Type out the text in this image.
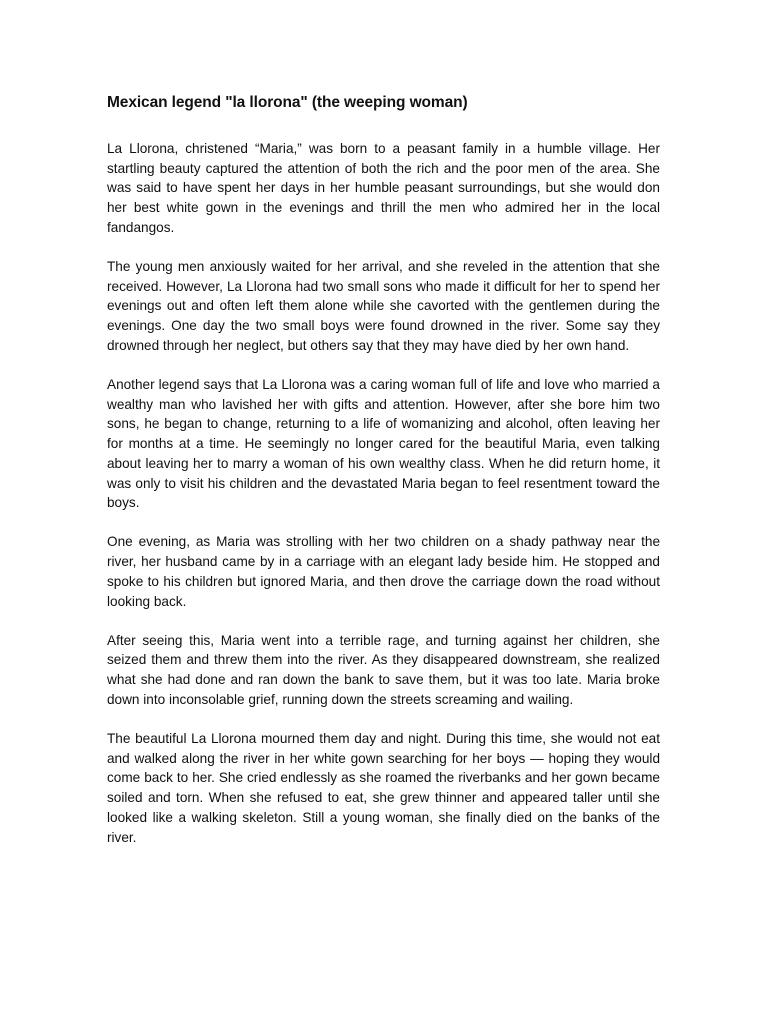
Mexican legend "la llorona" (the weeping woman)

La Llorona, christened “Maria,” was born to a peasant family in a humble village. Her startling beauty captured the attention of both the rich and the poor men of the area. She was said to have spent her days in her humble peasant surroundings, but she would don her best white gown in the evenings and thrill the men who admired her in the local fandangos.

The young men anxiously waited for her arrival, and she reveled in the attention that she received. However, La Llorona had two small sons who made it difficult for her to spend her evenings out and often left them alone while she cavorted with the gentlemen during the evenings. One day the two small boys were found drowned in the river. Some say they drowned through her neglect, but others say that they may have died by her own hand.

Another legend says that La Llorona was a caring woman full of life and love who married a wealthy man who lavished her with gifts and attention. However, after she bore him two sons, he began to change, returning to a life of womanizing and alcohol, often leaving her for months at a time. He seemingly no longer cared for the beautiful Maria, even talking about leaving her to marry a woman of his own wealthy class. When he did return home, it was only to visit his children and the devastated Maria began to feel resentment toward the boys.

One evening, as Maria was strolling with her two children on a shady pathway near the river, her husband came by in a carriage with an elegant lady beside him. He stopped and spoke to his children but ignored Maria, and then drove the carriage down the road without looking back.

After seeing this, Maria went into a terrible rage, and turning against her children, she seized them and threw them into the river. As they disappeared downstream, she realized what she had done and ran down the bank to save them, but it was too late. Maria broke down into inconsolable grief, running down the streets screaming and wailing.

The beautiful La Llorona mourned them day and night. During this time, she would not eat and walked along the river in her white gown searching for her boys — hoping they would come back to her. She cried endlessly as she roamed the riverbanks and her gown became soiled and torn. When she refused to eat, she grew thinner and appeared taller until she looked like a walking skeleton. Still a young woman, she finally died on the banks of the river.
